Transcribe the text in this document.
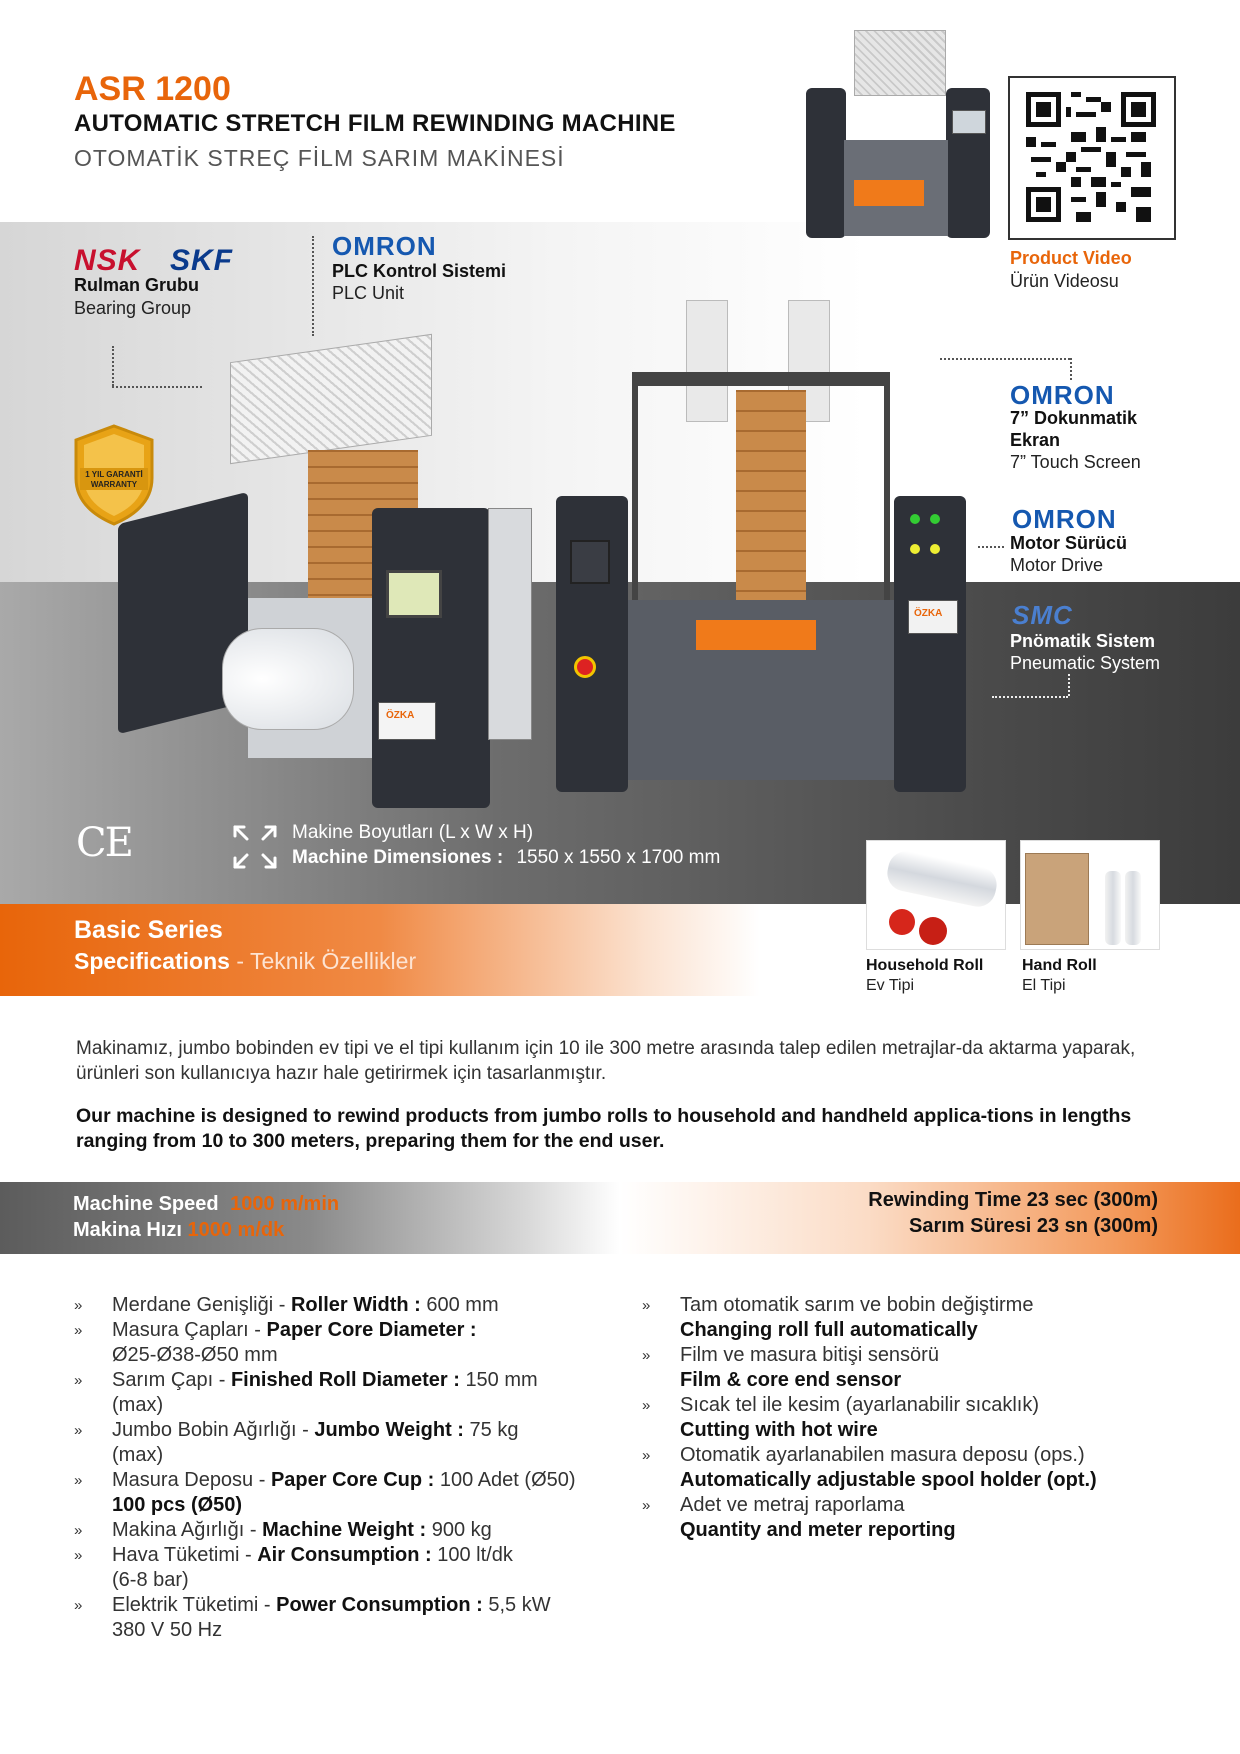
ASR 1200
AUTOMATIC STRETCH FILM REWINDING MACHINE
OTOMATİK STREÇ FİLM SARIM MAKİNESİ
Product Video
Ürün Videosu
NSK SKF
Rulman Grubu
Bearing Group
OMRON
PLC Kontrol Sistemi
PLC Unit
OMRON
7” Dokunmatik
Ekran
7” Touch Screen
OMRON
Motor Sürücü
Motor Drive
SMC
Pnömatik Sistem
Pneumatic System
1 YIL GARANTİ
WARRANTY
ÖZKA
ÖZKA
CE	Makine Boyutları (L x W x H)
Machine Dimensiones : 1550 x 1550 x 1700 mm
Basic Series
Specifications - Teknik Özellikler	Household Roll
Ev Tipi
Hand Roll
El Tipi
Makinamız, jumbo bobinden ev tipi ve el tipi kullanım için 10 ile 300 metre arasında talep edilen metrajlar-da aktarma yaparak, ürünleri son kullanıcıya hazır hale getirirmek için tasarlanmıştır.
Our machine is designed to rewind products from jumbo rolls to household and handheld applica-tions in lengths ranging from 10 to 300 meters, preparing them for the end user.
Machine Speed 1000 m/min
Makina Hızı 1000 m/dk
Rewinding Time 23 sec (300m)
Sarım Süresi 23 sn (300m)
» Merdane Genişliği - Roller Width : 600 mm
» Masura Çapları - Paper Core Diameter :
Ø25-Ø38-Ø50 mm
» Sarım Çapı - Finished Roll Diameter : 150 mm
(max)
» Jumbo Bobin Ağırlığı - Jumbo Weight : 75 kg
(max)
» Masura Deposu - Paper Core Cup : 100 Adet (Ø50)
100 pcs (Ø50)
» Makina Ağırlığı - Machine Weight : 900 kg
» Hava Tüketimi - Air Consumption : 100 lt/dk
(6-8 bar)
» Elektrik Tüketimi - Power Consumption : 5,5 kW
380 V 50 Hz
» Tam otomatik sarım ve bobin değiştirme
Changing roll full automatically
» Film ve masura bitişi sensörü
Film & core end sensor
» Sıcak tel ile kesim (ayarlanabilir sıcaklık)
Cutting with hot wire
» Otomatik ayarlanabilen masura deposu (ops.)
Automatically adjustable spool holder (opt.)
» Adet ve metraj raporlama
Quantity and meter reporting
